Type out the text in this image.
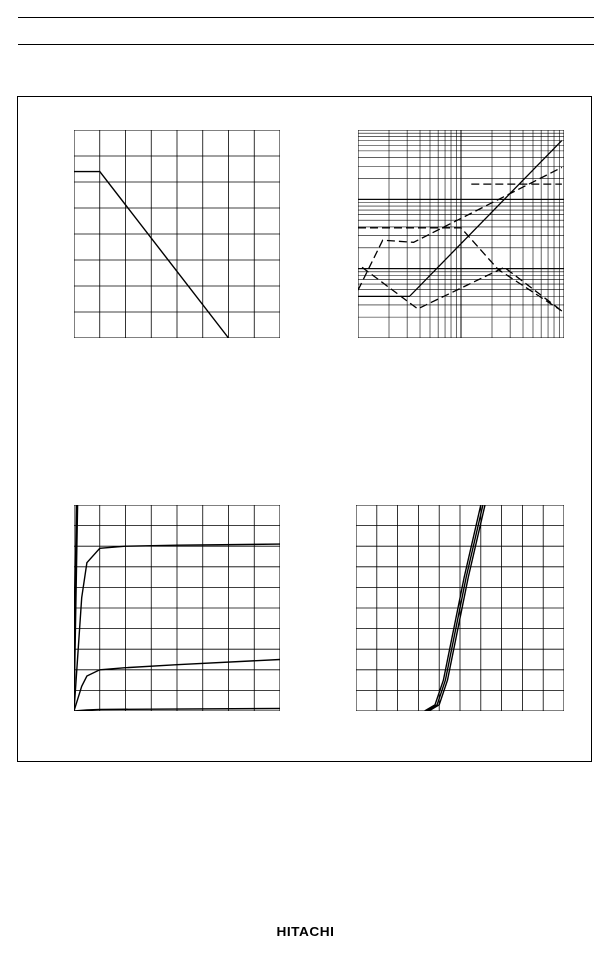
HITACHI
